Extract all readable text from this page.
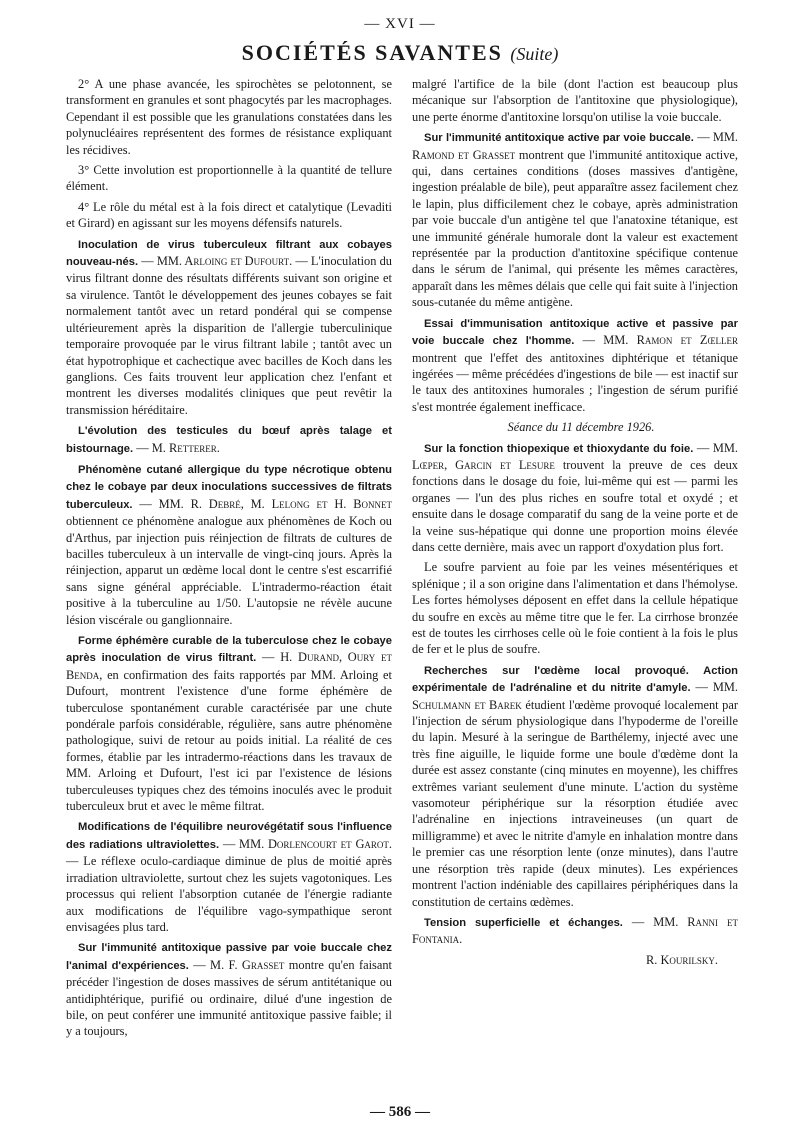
— XVI —
SOCIÉTÉS SAVANTES (Suite)

2° A une phase avancée, les spirochètes se pelotonnent, se transforment en granules et sont phagocytés par les macrophages. Cependant il est possible que les granulations constatées dans les polynucléaires représentent des formes de résistance expliquant les récidives.

3° Cette involution est proportionnelle à la quantité de tellure élément.

4° Le rôle du métal est à la fois direct et catalytique (Levaditi et Girard) en agissant sur les moyens défensifs naturels.

Inoculation de virus tuberculeux filtrant aux cobayes nouveau-nés. — MM. Arloing et Dufourt. — L'inoculation du virus filtrant donne des résultats différents suivant son origine et sa virulence. Tantôt le développement des jeunes cobayes se fait normalement tantôt avec un retard pondéral qui se compense ultérieurement après la disparition de l'allergie tuberculinique temporaire provoquée par le virus filtrant labile ; tantôt avec un état hypotrophique et cachectique avec bacilles de Koch dans les ganglions. Ces faits trouvent leur application chez l'enfant et montrent les diverses modalités cliniques que peut revêtir la transmission héréditaire.

L'évolution des testicules du bœuf après talage et bistournage. — M. Retterer.

Phénomène cutané allergique du type nécrotique obtenu chez le cobaye par deux inoculations successives de filtrats tuberculeux. — MM. R. Debré, M. Lelong et H. Bonnet obtiennent ce phénomène analogue aux phénomènes de Koch ou d'Arthus, par injection puis réinjection de filtrats de cultures de bacilles tuberculeux à un intervalle de vingt-cinq jours. Après la réinjection, apparut un œdème local dont le centre s'est escarrifié sans signe général appréciable. L'intradermo-réaction était positive à la tuberculine au 1/50. L'autopsie ne révèle aucune lésion viscérale ou ganglionnaire.

Forme éphémère curable de la tuberculose chez le cobaye après inoculation de virus filtrant. — H. Durand, Oury et Benda, en confirmation des faits rapportés par MM. Arloing et Dufourt, montrent l'existence d'une forme éphémère de tuberculose spontanément curable caractérisée par une chute pondérale parfois considérable, régulière, sans autre phénomène pathologique, suivi de retour au poids initial. La réalité de ces formes, établie par les intradermo-réactions dans les travaux de MM. Arloing et Dufourt, l'est ici par l'existence de lésions tuberculeuses typiques chez des témoins inoculés avec le produit tuberculeux brut et avec le même filtrat.

Modifications de l'équilibre neurovégétatif sous l'influence des radiations ultraviolettes. — MM. Dorlencourt et Garot. — Le réflexe oculo-cardiaque diminue de plus de moitié après irradiation ultraviolette, surtout chez les sujets vagotoniques. Les processus qui relient l'absorption cutanée de l'énergie radiante aux modifications de l'équilibre vago-sympathique seront envisagées plus tard.

Sur l'immunité antitoxique passive par voie buccale chez l'animal d'expériences. — M. F. Grasset montre qu'en faisant précéder l'ingestion de doses massives de sérum antitétanique ou antidiphtérique, purifié ou ordinaire, dilué d'une ingestion de bile, on peut conférer une immunité antitoxique passive faible; il y a toujours,

malgré l'artifice de la bile (dont l'action est beaucoup plus mécanique sur l'absorption de l'antitoxine que physiologique), une perte énorme d'antitoxine lorsqu'on utilise la voie buccale.

Sur l'immunité antitoxique active par voie buccale. — MM. Ramond et Grasset montrent que l'immunité antitoxique active, qui, dans certaines conditions (doses massives d'antigène, ingestion préalable de bile), peut apparaître assez facilement chez le lapin, plus difficilement chez le cobaye, après administration par voie buccale d'un antigène tel que l'anatoxine tétanique, est une immunité générale humorale dont la valeur est exactement représentée par la production d'antitoxine spécifique contenue dans le sérum de l'animal, qui présente les mêmes caractères, apparaît dans les mêmes délais que celle qui fait suite à l'injection sous-cutanée du même antigène.

Essai d'immunisation antitoxique active et passive par voie buccale chez l'homme. — MM. Ramon et Zœller montrent que l'effet des antitoxines diphtérique et tétanique ingérées — même précédées d'ingestions de bile — est inactif sur le taux des antitoxines humorales ; l'ingestion de sérum purifié s'est montrée également inefficace.

Séance du 11 décembre 1926.

Sur la fonction thiopexique et thioxydante du foie. — MM. Lœper, Garcin et Lesure trouvent la preuve de ces deux fonctions dans le dosage du foie, lui-même qui est — parmi les organes — l'un des plus riches en soufre total et oxydé ; et ensuite dans le dosage comparatif du sang de la veine porte et de la veine sus-hépatique qui donne une proportion moins élevée dans cette dernière, mais avec un rapport d'oxydation plus fort.

Le soufre parvient au foie par les veines mésentériques et splénique ; il a son origine dans l'alimentation et dans l'hémolyse. Les fortes hémolyses déposent en effet dans la cellule hépatique du soufre en excès au même titre que le fer. La cirrhose bronzée est de toutes les cirrhoses celle où le foie contient à la fois le plus de fer et le plus de soufre.

Recherches sur l'œdème local provoqué. Action expérimentale de l'adrénaline et du nitrite d'amyle. — MM. Schulmann et Barek étudient l'œdème provoqué localement par l'injection de sérum physiologique dans l'hypoderme de l'oreille du lapin. Mesuré à la seringue de Barthélemy, injecté avec une très fine aiguille, le liquide forme une boule d'œdème dont la durée est assez constante (cinq minutes en moyenne), les chiffres extrêmes variant seulement d'une minute. L'action du système vasomoteur périphérique sur la résorption étudiée avec l'adrénaline en injections intraveineuses (un quart de milligramme) et avec le nitrite d'amyle en inhalation montre dans le premier cas une résorption lente (onze minutes), dans l'autre une résorption très rapide (deux minutes). Les expériences montrent l'action indéniable des capillaires périphériques dans la constitution de certains œdèmes.

Tension superficielle et échanges. — MM. Ranni et Fontania.

R. Kourilsky.

— 586 —
